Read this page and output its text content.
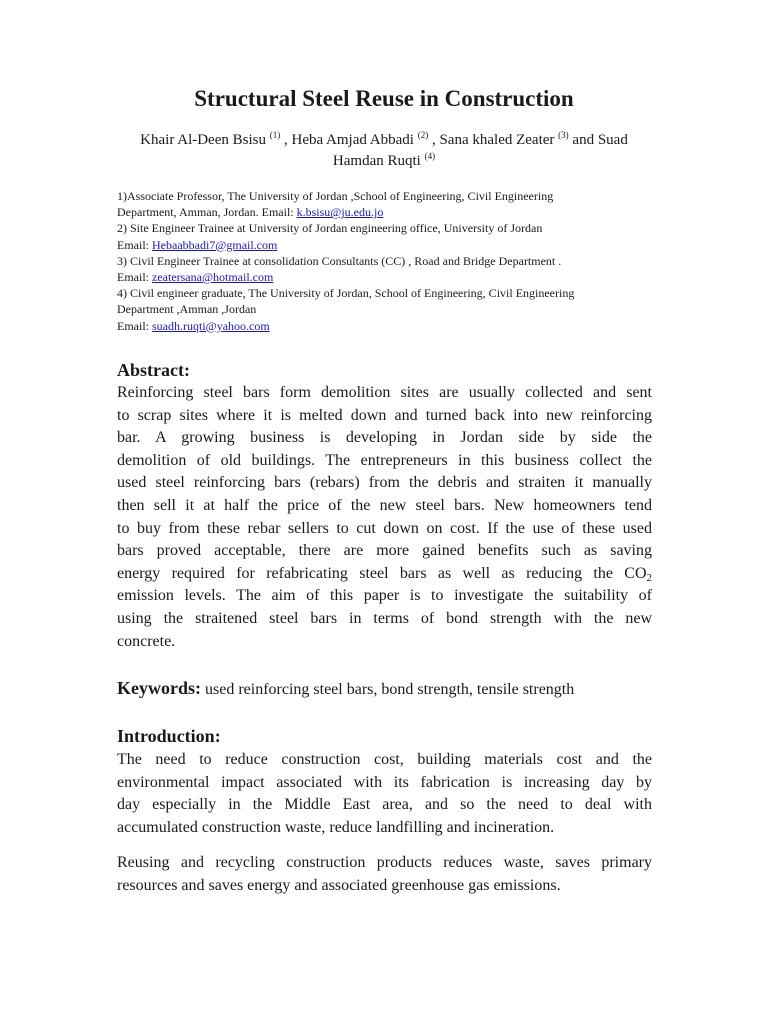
Structural Steel Reuse in Construction
Khair Al-Deen Bsisu $^{(1)}$ , Heba Amjad Abbadi $^{(2)}$ , Sana khaled Zeater $^{(3)}$ and Suad Hamdan Ruqti $^{(4)}$
1)Associate Professor, The University of Jordan ,School of Engineering, Civil Engineering
Department, Amman, Jordan. Email: k.bsisu@ju.edu.jo
2) Site Engineer Trainee at University of Jordan engineering office, University of Jordan
Email: Hebaabbadi7@gmail.com
3) Civil Engineer Trainee at consolidation Consultants (CC) , Road and Bridge Department .
Email: zeatersana@hotmail.com
4) Civil engineer graduate, The University of Jordan, School of Engineering, Civil Engineering
Department ,Amman ,Jordan
Email: suadh.ruqti@yahoo.com
Abstract:
Reinforcing steel bars form demolition sites are usually collected and sent
to scrap sites where it is melted down and turned back into new reinforcing
bar. A growing business is developing in Jordan side by side the
demolition of old buildings. The entrepreneurs in this business collect the
used steel reinforcing bars (rebars) from the debris and straiten it manually
then sell it at half the price of the new steel bars. New homeowners tend
to buy from these rebar sellers to cut down on cost. If the use of these used
bars proved acceptable, there are more gained benefits such as saving
energy required for refabricating steel bars as well as reducing the $CO_2$
emission levels. The aim of this paper is to investigate the suitability of
using the straitened steel bars in terms of bond strength with the new
concrete.
Keywords: used reinforcing steel bars, bond strength, tensile strength
Introduction:
The need to reduce construction cost, building materials cost and the
environmental impact associated with its fabrication is increasing day by
day especially in the Middle East area, and so the need to deal with
accumulated construction waste, reduce landfilling and incineration.
Reusing and recycling construction products reduces waste, saves primary
resources and saves energy and associated greenhouse gas emissions.
